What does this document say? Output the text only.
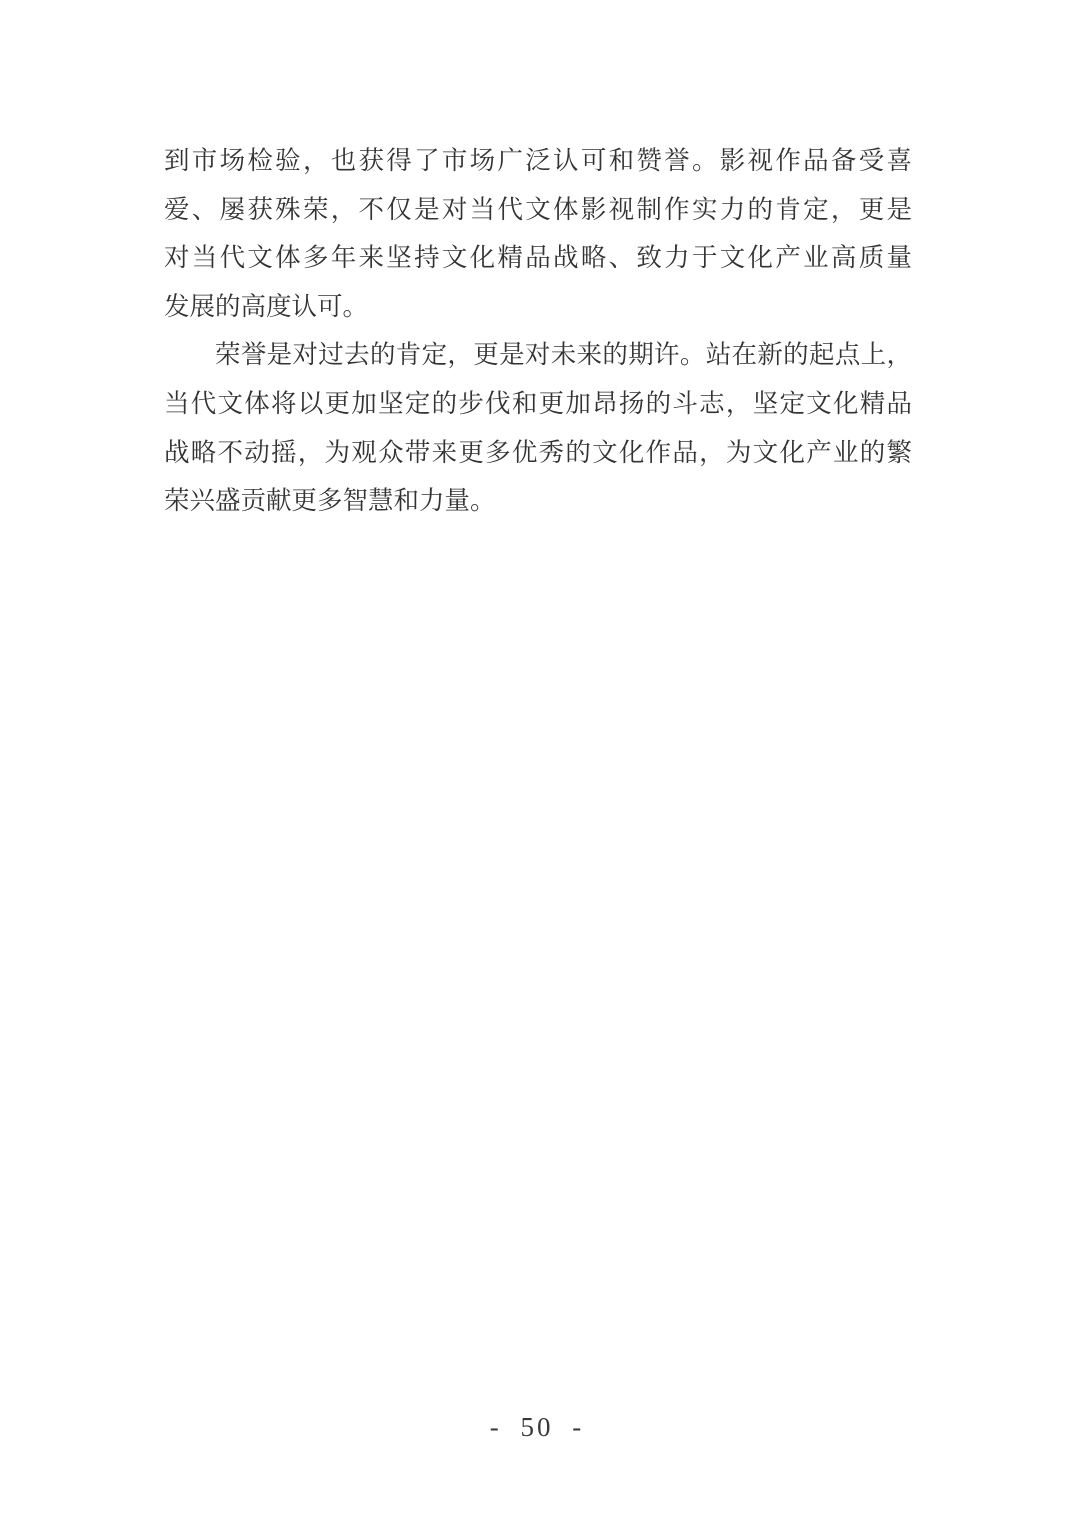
到市场检验，也获得了市场广泛认可和赞誉。影视作品备受喜
爱、屡获殊荣，不仅是对当代文体影视制作实力的肯定，更是
对当代文体多年来坚持文化精品战略、致力于文化产业高质量
发展的高度认可。
荣誉是对过去的肯定，更是对未来的期许。站在新的起点上，
当代文体将以更加坚定的步伐和更加昂扬的斗志，坚定文化精品
战略不动摇，为观众带来更多优秀的文化作品，为文化产业的繁
荣兴盛贡献更多智慧和力量。
- 50 -
